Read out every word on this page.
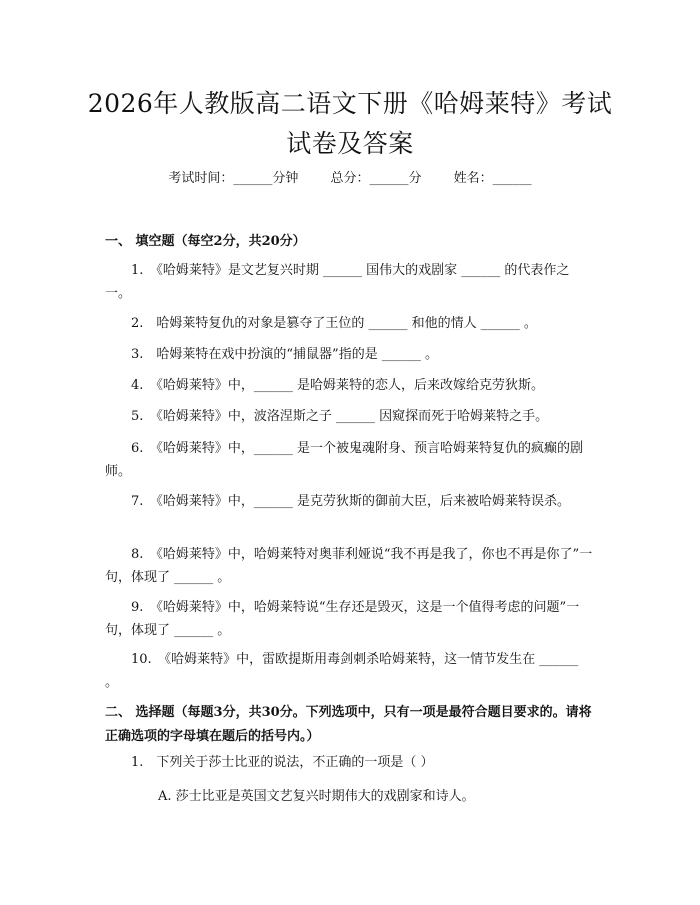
2026年人教版高二语文下册《哈姆莱特》考试试卷及答案
考试时间：______分钟 总分：______分 姓名：______
一、 填空题（每空2分，共20分）
1.　《哈姆莱特》是文艺复兴时期 ______ 国伟大的戏剧家 ______ 的代表作之一。
2.　哈姆莱特复仇的对象是篡夺了王位的 ______ 和他的情人 ______ 。
3.　哈姆莱特在戏中扮演的“捕鼠器”指的是 ______ 。
4.　《哈姆莱特》中，______ 是哈姆莱特的恋人，后来改嫁给克劳狄斯。
5.　《哈姆莱特》中，波洛涅斯之子 ______ 因窥探而死于哈姆莱特之手。
6.　《哈姆莱特》中，______ 是一个被鬼魂附身、预言哈姆莱特复仇的疯癫的剧师。
7.　《哈姆莱特》中，______ 是克劳狄斯的御前大臣，后来被哈姆莱特误杀。
8.　《哈姆莱特》中，哈姆莱特对奥菲利娅说“我不再是我了，你也不再是你了”一句，体现了 ______ 。
9.　《哈姆莱特》中，哈姆莱特说“生存还是毁灭，这是一个值得考虑的问题”一句，体现了 ______ 。
10.　《哈姆莱特》中，雷欧提斯用毒剑刺杀哈姆莱特，这一情节发生在 ______ 。
二、 选择题（每题3分，共30分。下列选项中，只有一项是最符合题目要求的。请将正确选项的字母填在题后的括号内。）
1.　下列关于莎士比亚的说法，不正确的一项是（ ）
A. 莎士比亚是英国文艺复兴时期伟大的戏剧家和诗人。
